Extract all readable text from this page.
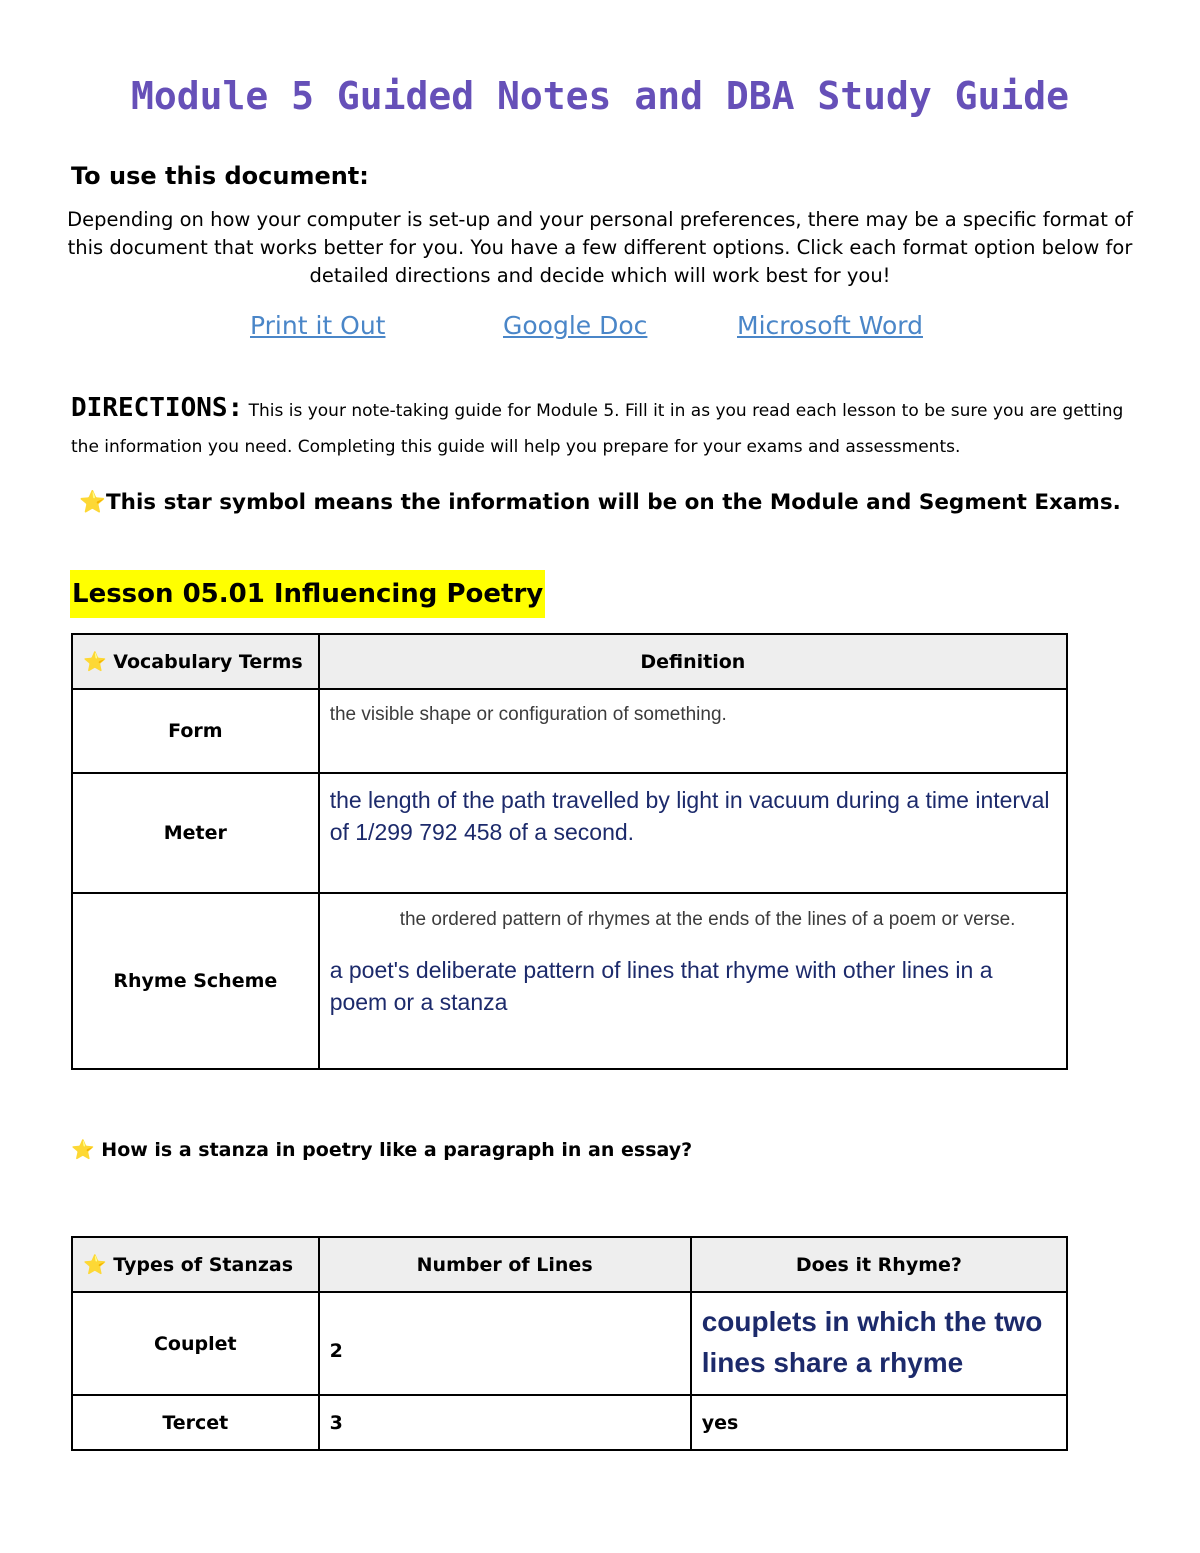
Module 5 Guided Notes and DBA Study Guide
To use this document:
Depending on how your computer is set-up and your personal preferences, there may be a specific format of this document that works better for you. You have a few different options. Click each format option below for detailed directions and decide which will work best for you!
Print it Out	Google Doc	Microsoft Word
DIRECTIONS: This is your note-taking guide for Module 5. Fill it in as you read each lesson to be sure you are getting the information you need. Completing this guide will help you prepare for your exams and assessments.
⭐This star symbol means the information will be on the Module and Segment Exams.
Lesson 05.01 Influencing Poetry
⭐ Vocabulary Terms	Definition
Form	the visible shape or configuration of something.
Meter	the length of the path travelled by light in vacuum during a time interval of 1/299 792 458 of a second.
Rhyme Scheme	the ordered pattern of rhymes at the ends of the lines of a poem or verse.
a poet's deliberate pattern of lines that rhyme with other lines in a poem or a stanza
⭐ How is a stanza in poetry like a paragraph in an essay?
⭐ Types of Stanzas	Number of Lines	Does it Rhyme?
Couplet	2	couplets in which the two lines share a rhyme
Tercet	3	yes
